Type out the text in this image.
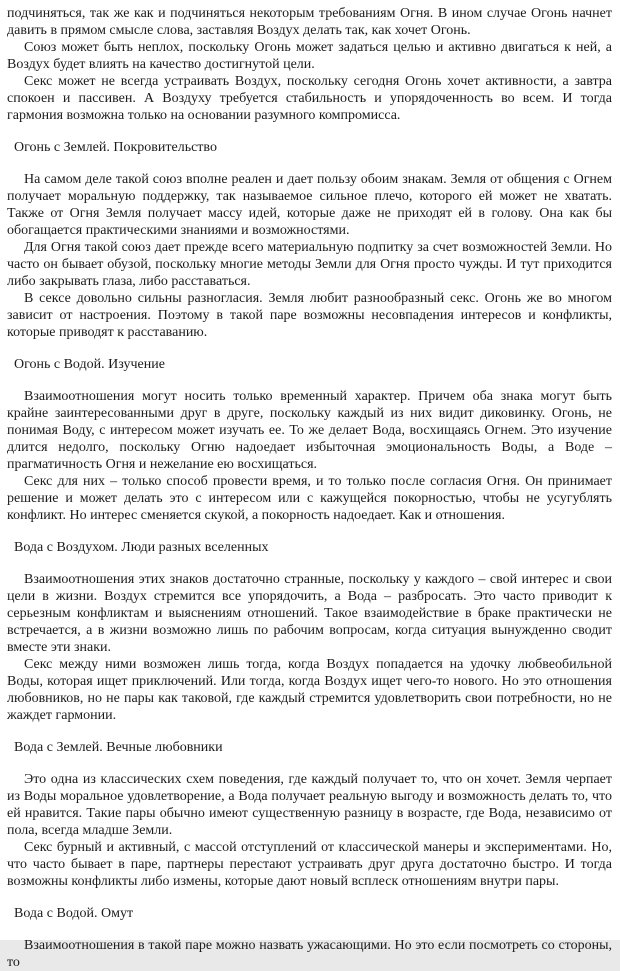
подчиняться, так же как и подчиняться некоторым требованиям Огня. В ином случае Огонь начнет давить в прямом смысле слова, заставляя Воздух делать так, как хочет Огонь.

Союз может быть неплох, поскольку Огонь может задаться целью и активно двигаться к ней, а Воздух будет влиять на качество достигнутой цели.

Секс может не всегда устраивать Воздух, поскольку сегодня Огонь хочет активности, а завтра спокоен и пассивен. А Воздуху требуется стабильность и упорядоченность во всем. И тогда гармония возможна только на основании разумного компромисса.

Огонь с Землей. Покровительство

На самом деле такой союз вполне реален и дает пользу обоим знакам. Земля от общения с Огнем получает моральную поддержку, так называемое сильное плечо, которого ей может не хватать. Также от Огня Земля получает массу идей, которые даже не приходят ей в голову. Она как бы обогащается практическими знаниями и возможностями.

Для Огня такой союз дает прежде всего материальную подпитку за счет возможностей Земли. Но часто он бывает обузой, поскольку многие методы Земли для Огня просто чужды. И тут приходится либо закрывать глаза, либо расставаться.

В сексе довольно сильны разногласия. Земля любит разнообразный секс. Огонь же во многом зависит от настроения. Поэтому в такой паре возможны несовпадения интересов и конфликты, которые приводят к расставанию.

Огонь с Водой. Изучение

Взаимоотношения могут носить только временный характер. Причем оба знака могут быть крайне заинтересованными друг в друге, поскольку каждый из них видит диковинку. Огонь, не понимая Воду, с интересом может изучать ее. То же делает Вода, восхищаясь Огнем. Это изучение длится недолго, поскольку Огню надоедает избыточная эмоциональность Воды, а Воде – прагматичность Огня и нежелание ею восхищаться.

Секс для них – только способ провести время, и то только после согласия Огня. Он принимает решение и может делать это с интересом или с кажущейся покорностью, чтобы не усугублять конфликт. Но интерес сменяется скукой, а покорность надоедает. Как и отношения.

Вода с Воздухом. Люди разных вселенных

Взаимоотношения этих знаков достаточно странные, поскольку у каждого – свой интерес и свои цели в жизни. Воздух стремится все упорядочить, а Вода – разбросать. Это часто приводит к серьезным конфликтам и выяснениям отношений. Такое взаимодействие в браке практически не встречается, а в жизни возможно лишь по рабочим вопросам, когда ситуация вынужденно сводит вместе эти знаки.

Секс между ними возможен лишь тогда, когда Воздух попадается на удочку любвеобильной Воды, которая ищет приключений. Или тогда, когда Воздух ищет чего-то нового. Но это отношения любовников, но не пары как таковой, где каждый стремится удовлетворить свои потребности, но не жаждет гармонии.

Вода с Землей. Вечные любовники

Это одна из классических схем поведения, где каждый получает то, что он хочет. Земля черпает из Воды моральное удовлетворение, а Вода получает реальную выгоду и возможность делать то, что ей нравится. Такие пары обычно имеют существенную разницу в возрасте, где Вода, независимо от пола, всегда младше Земли.

Секс бурный и активный, с массой отступлений от классической манеры и экспериментами. Но, что часто бывает в паре, партнеры перестают устраивать друг друга достаточно быстро. И тогда возможны конфликты либо измены, которые дают новый всплеск отношениям внутри пары.

Вода с Водой. Омут

Взаимоотношения в такой паре можно назвать ужасающими. Но это если посмотреть со стороны, то
